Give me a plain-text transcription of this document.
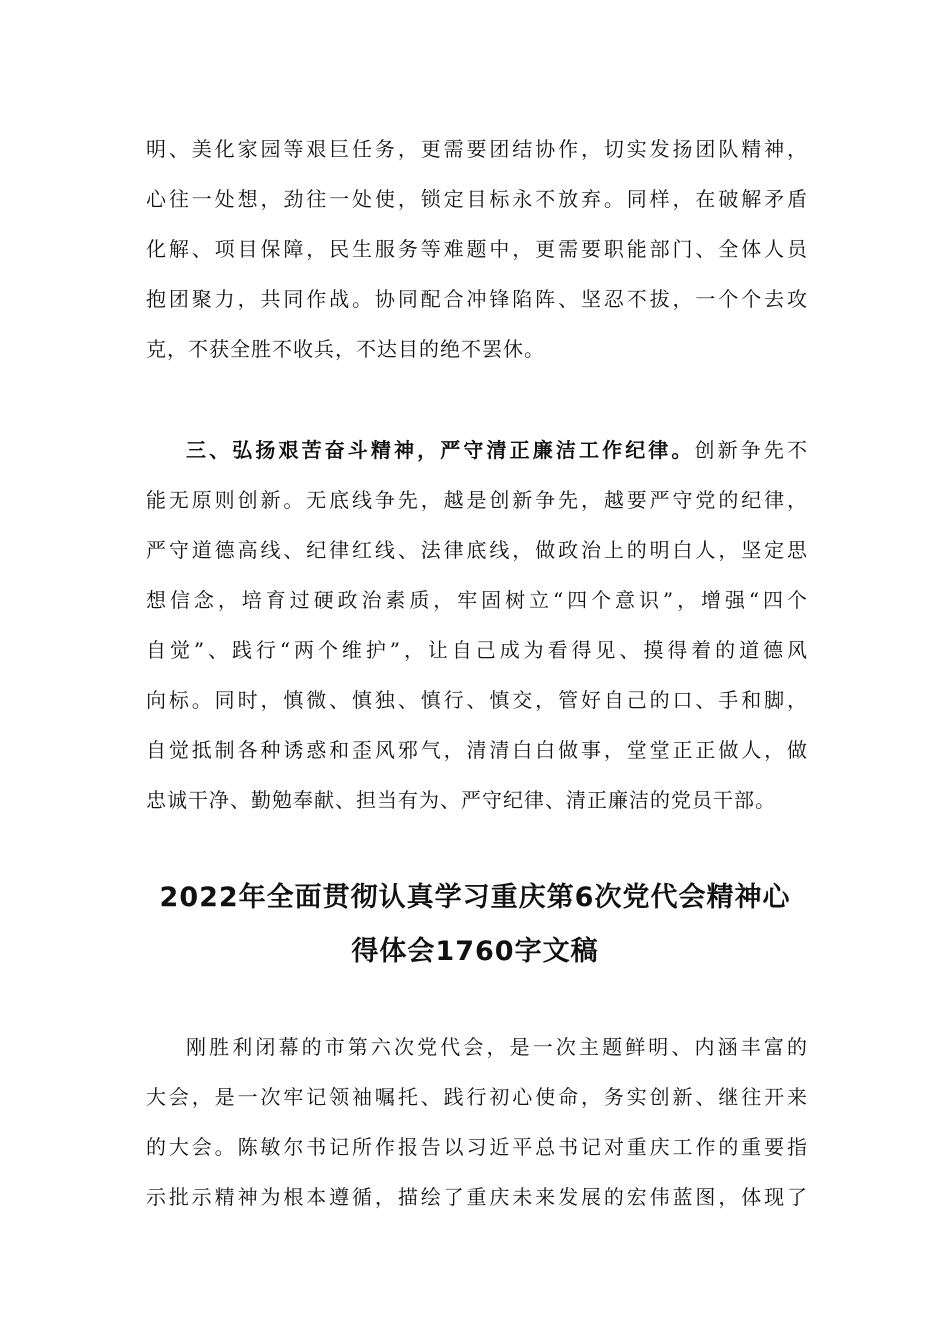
明、美化家园等艰巨任务，更需要团结协作，切实发扬团队精神，
心往一处想，劲往一处使，锁定目标永不放弃。同样，在破解矛盾
化解、项目保障，民生服务等难题中，更需要职能部门、全体人员
抱团聚力，共同作战。协同配合冲锋陷阵、坚忍不拔，一个个去攻
克，不获全胜不收兵，不达目的绝不罢休。

三、弘扬艰苦奋斗精神，严守清正廉洁工作纪律。创新争先不
能无原则创新。无底线争先，越是创新争先，越要严守党的纪律，
严守道德高线、纪律红线、法律底线，做政治上的明白人，坚定思
想信念，培育过硬政治素质，牢固树立“四个意识”，增强“四个
自觉”、践行“两个维护”，让自己成为看得见、摸得着的道德风
向标。同时，慎微、慎独、慎行、慎交，管好自己的口、手和脚，
自觉抵制各种诱惑和歪风邪气，清清白白做事，堂堂正正做人，做
忠诚干净、勤勉奉献、担当有为、严守纪律、清正廉洁的党员干部。

2022年全面贯彻认真学习重庆第6次党代会精神心
得体会1760字文稿

刚胜利闭幕的市第六次党代会，是一次主题鲜明、内涵丰富的
大会，是一次牢记领袖嘱托、践行初心使命，务实创新、继往开来
的大会。陈敏尔书记所作报告以习近平总书记对重庆工作的重要指
示批示精神为根本遵循，描绘了重庆未来发展的宏伟蓝图，体现了
